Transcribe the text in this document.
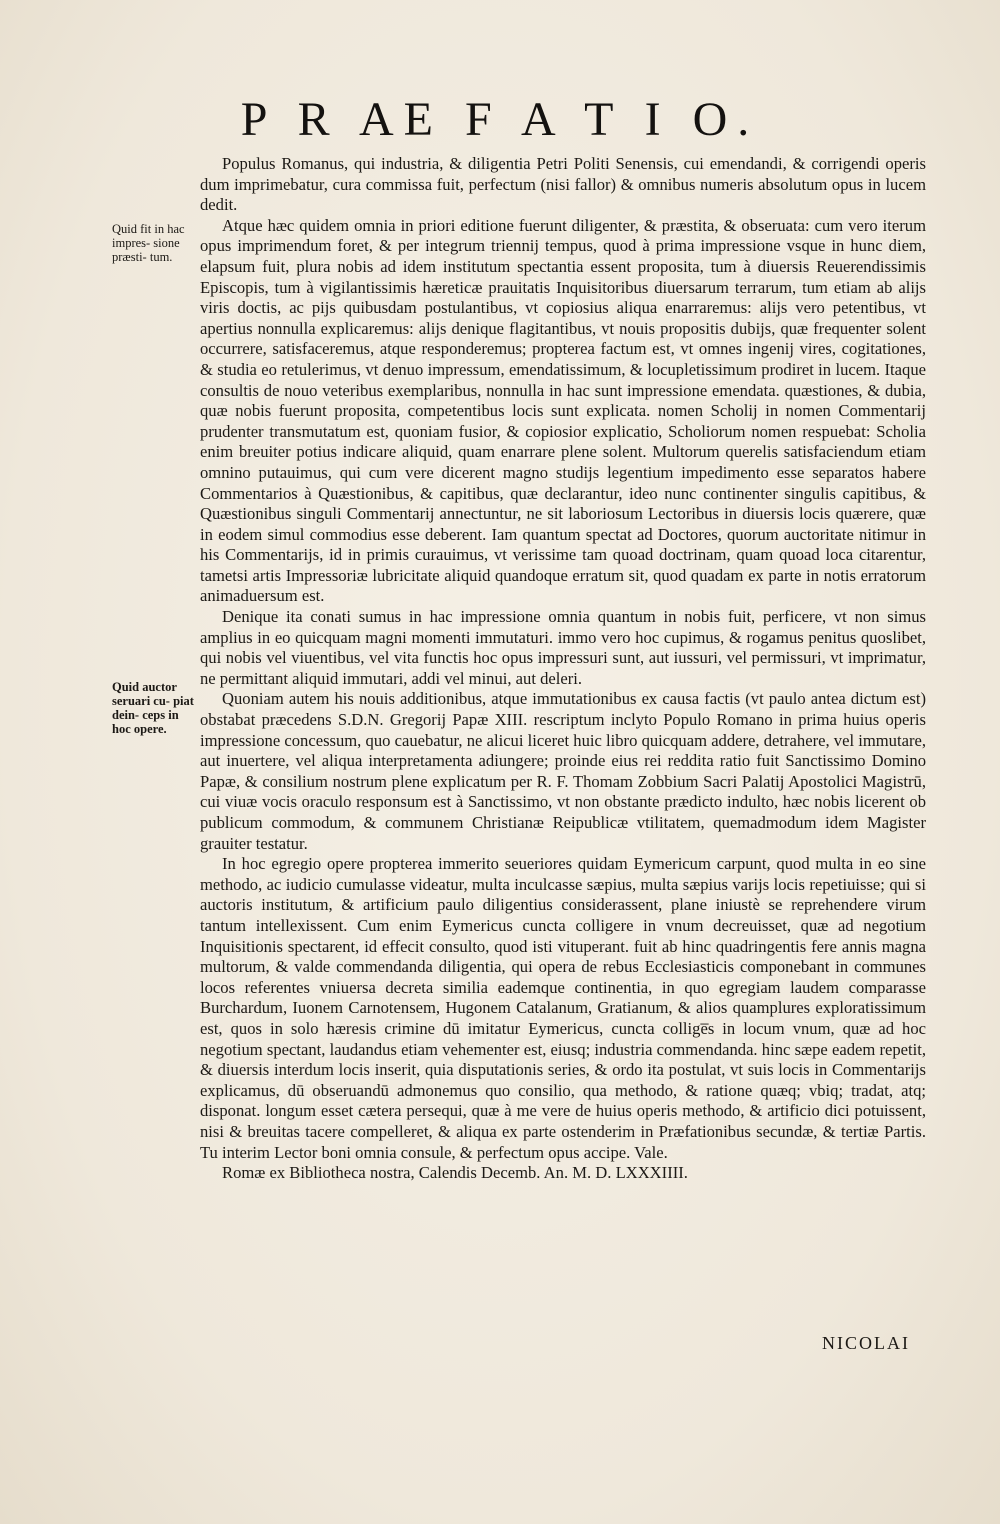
P R AE F A T I O.
Quid fit in hac impres- sione præsti- tum.
Quid auctor seruari cu- piat dein- ceps in hoc opere.

Populus Romanus, qui industria, & diligentia Petri Politi Senensis, cui emendandi, & corrigendi operis dum imprimebatur, cura commissa fuit, perfectum (nisi fallor) & omnibus numeris absolutum opus in lucem dedit.

Atque hæc quidem omnia in priori editione fuerunt diligenter, & præstita, & obseruata: cum vero iterum opus imprimendum foret, & per integrum triennij tempus, quod à prima impressione vsque in hunc diem, elapsum fuit, plura nobis ad idem institutum spectantia essent proposita, tum à diuersis Reuerendissimis Episcopis, tum à vigilantissimis hæreticæ prauitatis Inquisitoribus diuersarum terrarum, tum etiam ab alijs viris doctis, ac pijs quibusdam postulantibus, vt copiosius aliqua enarraremus: alijs vero petentibus, vt apertius nonnulla explicaremus: alijs denique flagitantibus, vt nouis propositis dubijs, quæ frequenter solent occurrere, satisfaceremus, atque responderemus; propterea factum est, vt omnes ingenij vires, cogitationes, & studia eo retulerimus, vt denuo impressum, emendatissimum, & locupletissimum prodiret in lucem. Itaque consultis de nouo veteribus exemplaribus, nonnulla in hac sunt impressione emendata. quæstiones, & dubia, quæ nobis fuerunt proposita, competentibus locis sunt explicata. nomen Scholij in nomen Commentarij prudenter transmutatum est, quoniam fusior, & copiosior explicatio, Scholiorum nomen respuebat: Scholia enim breuiter potius indicare aliquid, quam enarrare plene solent. Multorum querelis satisfaciendum etiam omnino putauimus, qui cum vere dicerent magno studijs legentium impedimento esse separatos habere Commentarios à Quæstionibus, & capitibus, quæ declarantur, ideo nunc continenter singulis capitibus, & Quæstionibus singuli Commentarij annectuntur, ne sit laboriosum Lectoribus in diuersis locis quærere, quæ in eodem simul commodius esse deberent. Iam quantum spectat ad Doctores, quorum auctoritate nitimur in his Commentarijs, id in primis curauimus, vt verissime tam quoad doctrinam, quam quoad loca citarentur, tametsi artis Impressoriæ lubricitate aliquid quandoque erratum sit, quod quadam ex parte in notis erratorum animaduersum est.

Denique ita conati sumus in hac impressione omnia quantum in nobis fuit, perficere, vt non simus amplius in eo quicquam magni momenti immutaturi. immo vero hoc cupimus, & rogamus penitus quoslibet, qui nobis vel viuentibus, vel vita functis hoc opus impressuri sunt, aut iussuri, vel permissuri, vt imprimatur, ne permittant aliquid immutari, addi vel minui, aut deleri.

Quoniam autem his nouis additionibus, atque immutationibus ex causa factis (vt paulo antea dictum est) obstabat præcedens S.D.N. Gregorij Papæ XIII. rescriptum inclyto Populo Romano in prima huius operis impressione concessum, quo cauebatur, ne alicui liceret huic libro quicquam addere, detrahere, vel immutare, aut inuertere, vel aliqua interpretamenta adiungere; proinde eius rei reddita ratio fuit Sanctissimo Domino Papæ, & consilium nostrum plene explicatum per R. F. Thomam Zobbium Sacri Palatij Apostolici Magistrū, cui viuæ vocis oraculo responsum est à Sanctissimo, vt non obstante prædicto indulto, hæc nobis licerent ob publicum commodum, & communem Christianæ Reipublicæ vtilitatem, quemadmodum idem Magister grauiter testatur.

In hoc egregio opere propterea immerito seueriores quidam Eymericum carpunt, quod multa in eo sine methodo, ac iudicio cumulasse videatur, multa inculcasse sæpius, multa sæpius varijs locis repetiuisse; qui si auctoris institutum, & artificium paulo diligentius considerassent, plane iniustè se reprehendere virum tantum intellexissent. Cum enim Eymericus cuncta colligere in vnum decreuisset, quæ ad negotium Inquisitionis spectarent, id effecit consulto, quod isti vituperant. fuit ab hinc quadringentis fere annis magna multorum, & valde commendanda diligentia, qui opera de rebus Ecclesiasticis componebant in communes locos referentes vniuersa decreta similia eademque continentia, in quo egregiam laudem comparasse Burchardum, Iuonem Carnotensem, Hugonem Catalanum, Gratianum, & alios quamplures exploratissimum est, quos in solo hæresis crimine dū imitatur Eymericus, cuncta collige̅s in locum vnum, quæ ad hoc negotium spectant, laudandus etiam vehementer est, eiusq; industria commendanda. hinc sæpe eadem repetit, & diuersis interdum locis inserit, quia disputationis series, & ordo ita postulat, vt suis locis in Commentarijs explicamus, dū obseruandū admonemus quo consilio, qua methodo, & ratione quæq; vbiq; tradat, atq; disponat. longum esset cætera persequi, quæ à me vere de huius operis methodo, & artificio dici potuissent, nisi & breuitas tacere compelleret, & aliqua ex parte ostenderim in Præfationibus secundæ, & tertiæ Partis. Tu interim Lector boni omnia consule, & perfectum opus accipe. Vale.

Romæ ex Bibliotheca nostra, Calendis Decemb. An. M. D. LXXXIIII.

NICOLAI
